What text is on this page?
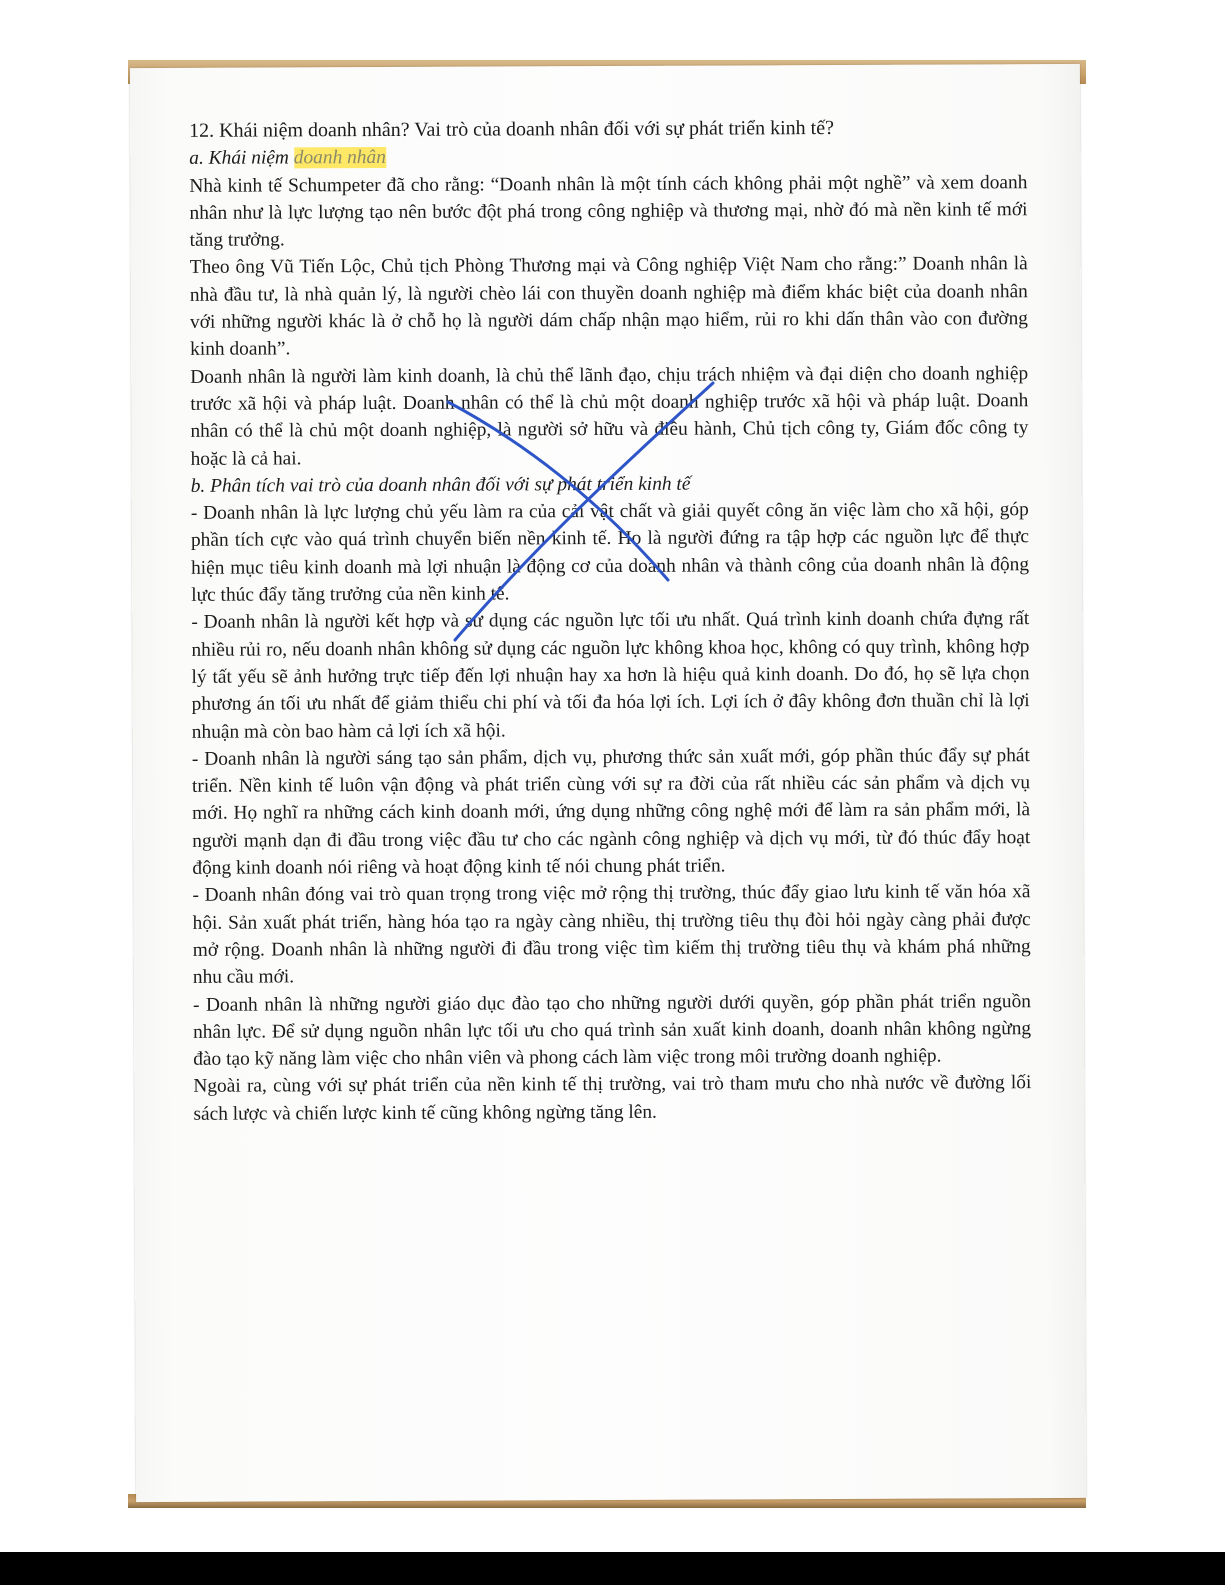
12. Khái niệm doanh nhân? Vai trò của doanh nhân đối với sự phát triển kinh tế?

a. Khái niệm doanh nhân

Nhà kinh tế Schumpeter đã cho rằng: “Doanh nhân là một tính cách không phải một nghề” và xem doanh nhân như là lực lượng tạo nên bước đột phá trong công nghiệp và thương mại, nhờ đó mà nền kinh tế mới tăng trưởng.

Theo ông Vũ Tiến Lộc, Chủ tịch Phòng Thương mại và Công nghiệp Việt Nam cho rằng:” Doanh nhân là nhà đầu tư, là nhà quản lý, là người chèo lái con thuyền doanh nghiệp mà điểm khác biệt của doanh nhân với những người khác là ở chỗ họ là người dám chấp nhận mạo hiểm, rủi ro khi dấn thân vào con đường kinh doanh”.

Doanh nhân là người làm kinh doanh, là chủ thể lãnh đạo, chịu trách nhiệm và đại diện cho doanh nghiệp trước xã hội và pháp luật. Doanh nhân có thể là chủ một doanh nghiệp trước xã hội và pháp luật. Doanh nhân có thể là chủ một doanh nghiệp, là người sở hữu và điều hành, Chủ tịch công ty, Giám đốc công ty hoặc là cả hai.

b. Phân tích vai trò của doanh nhân đối với sự phát triển kinh tế

- Doanh nhân là lực lượng chủ yếu làm ra của cải vật chất và giải quyết công ăn việc làm cho xã hội, góp phần tích cực vào quá trình chuyển biến nền kinh tế. Họ là người đứng ra tập hợp các nguồn lực để thực hiện mục tiêu kinh doanh mà lợi nhuận là động cơ của doanh nhân và thành công của doanh nhân là động lực thúc đẩy tăng trưởng của nền kinh tế.

- Doanh nhân là người kết hợp và sử dụng các nguồn lực tối ưu nhất. Quá trình kinh doanh chứa đựng rất nhiều rủi ro, nếu doanh nhân không sử dụng các nguồn lực không khoa học, không có quy trình, không hợp lý tất yếu sẽ ảnh hưởng trực tiếp đến lợi nhuận hay xa hơn là hiệu quả kinh doanh. Do đó, họ sẽ lựa chọn phương án tối ưu nhất để giảm thiểu chi phí và tối đa hóa lợi ích. Lợi ích ở đây không đơn thuần chỉ là lợi nhuận mà còn bao hàm cả lợi ích xã hội.

- Doanh nhân là người sáng tạo sản phẩm, dịch vụ, phương thức sản xuất mới, góp phần thúc đẩy sự phát triển. Nền kinh tế luôn vận động và phát triển cùng với sự ra đời của rất nhiều các sản phẩm và dịch vụ mới. Họ nghĩ ra những cách kinh doanh mới, ứng dụng những công nghệ mới để làm ra sản phẩm mới, là người mạnh dạn đi đầu trong việc đầu tư cho các ngành công nghiệp và dịch vụ mới, từ đó thúc đẩy hoạt động kinh doanh nói riêng và hoạt động kinh tế nói chung phát triển.

- Doanh nhân đóng vai trò quan trọng trong việc mở rộng thị trường, thúc đẩy giao lưu kinh tế văn hóa xã hội. Sản xuất phát triển, hàng hóa tạo ra ngày càng nhiều, thị trường tiêu thụ đòi hỏi ngày càng phải được mở rộng. Doanh nhân là những người đi đầu trong việc tìm kiếm thị trường tiêu thụ và khám phá những nhu cầu mới.

- Doanh nhân là những người giáo dục đào tạo cho những người dưới quyền, góp phần phát triển nguồn nhân lực. Để sử dụng nguồn nhân lực tối ưu cho quá trình sản xuất kinh doanh, doanh nhân không ngừng đào tạo kỹ năng làm việc cho nhân viên và phong cách làm việc trong môi trường doanh nghiệp.

Ngoài ra, cùng với sự phát triển của nền kinh tế thị trường, vai trò tham mưu cho nhà nước về đường lối sách lược và chiến lược kinh tế cũng không ngừng tăng lên.
